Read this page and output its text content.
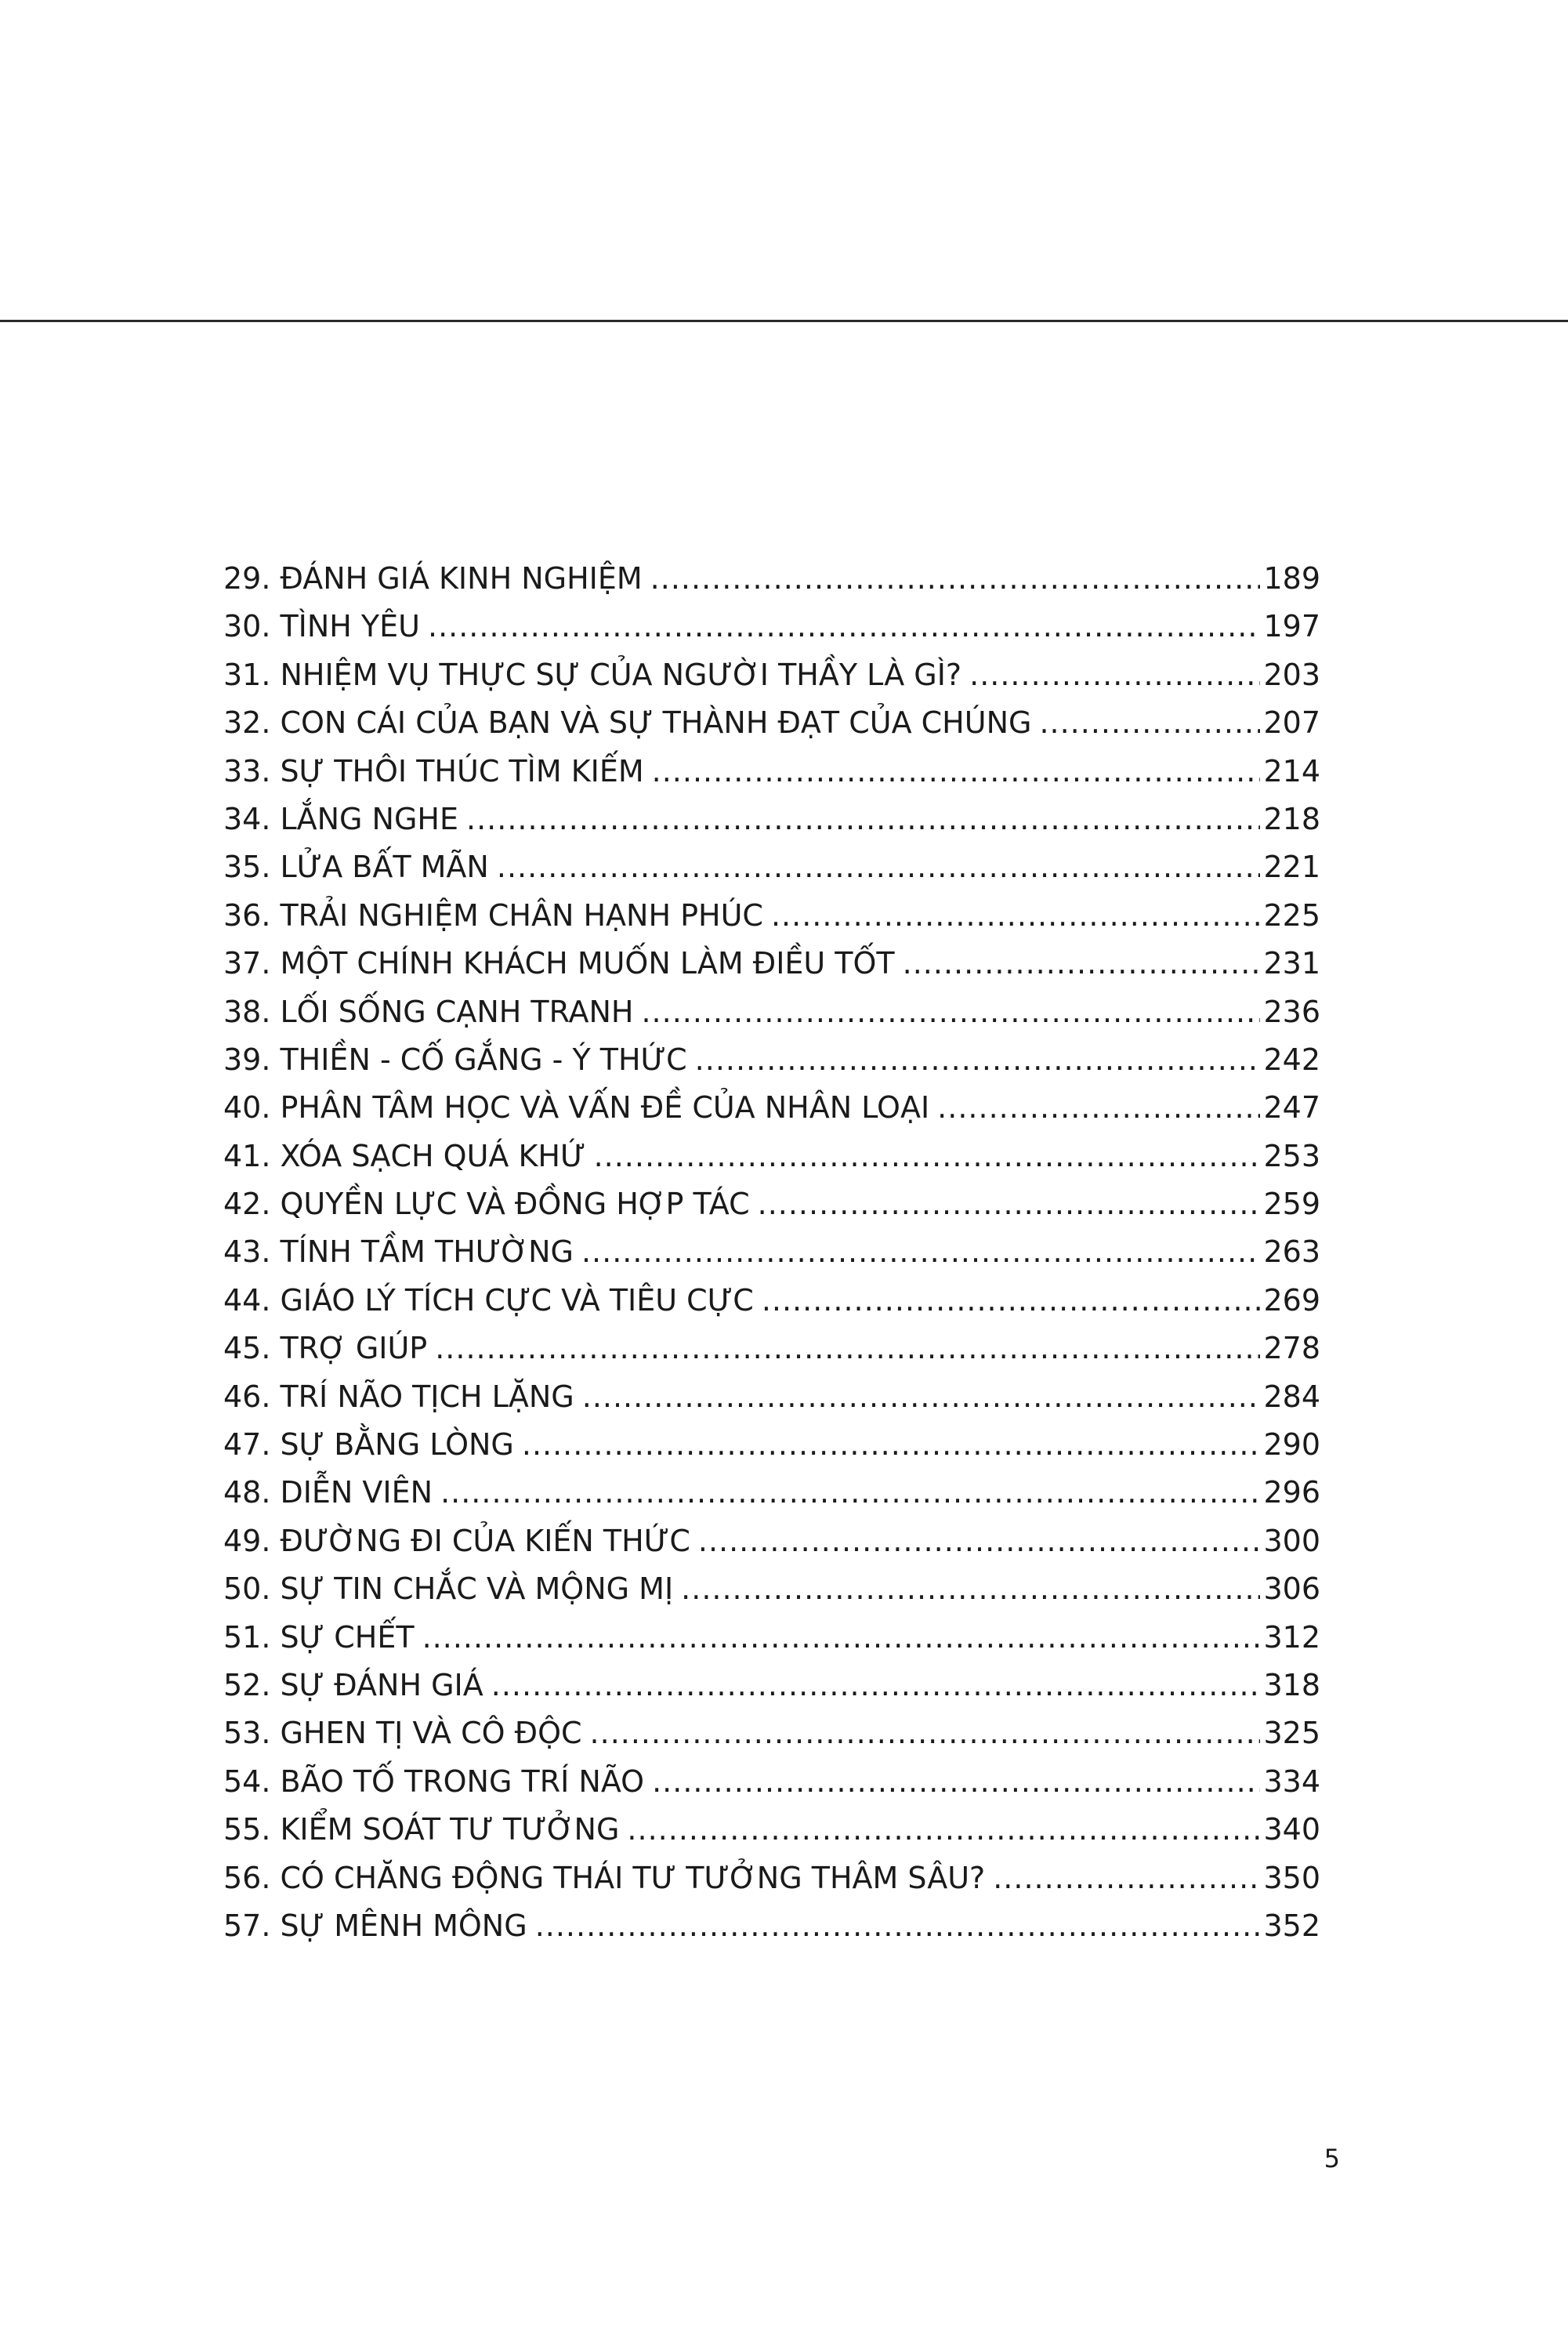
29. ĐÁNH GIÁ KINH NGHIỆM .....	189
30. TÌNH YÊU .....	197
31. NHIỆM VỤ THỰC SỰ CỦA NGƯỜI THẦY LÀ GÌ? .....	203
32. CON CÁI CỦA BẠN VÀ SỰ THÀNH ĐẠT CỦA CHÚNG .....	207
33. SỰ THÔI THÚC TÌM KIẾM .....	214
34. LẮNG NGHE .....	218
35. LỬA BẤT MÃN .....	221
36. TRẢI NGHIỆM CHÂN HẠNH PHÚC .....	225
37. MỘT CHÍNH KHÁCH MUỐN LÀM ĐIỀU TỐT .....	231
38. LỐI SỐNG CẠNH TRANH .....	236
39. THIỀN - CỐ GẮNG - Ý THỨC .....	242
40. PHÂN TÂM HỌC VÀ VẤN ĐỀ CỦA NHÂN LOẠI .....	247
41. XÓA SẠCH QUÁ KHỨ .....	253
42. QUYỀN LỰC VÀ ĐỒNG HỢP TÁC .....	259
43. TÍNH TẦM THƯỜNG .....	263
44. GIÁO LÝ TÍCH CỰC VÀ TIÊU CỰC .....	269
45. TRỢ GIÚP .....	278
46. TRÍ NÃO TỊCH LẶNG .....	284
47. SỰ BẰNG LÒNG .....	290
48. DIỄN VIÊN .....	296
49. ĐƯỜNG ĐI CỦA KIẾN THỨC .....	300
50. SỰ TIN CHẮC VÀ MỘNG MỊ .....	306
51. SỰ CHẾT .....	312
52. SỰ ĐÁNH GIÁ .....	318
53. GHEN TỊ VÀ CÔ ĐỘC .....	325
54. BÃO TỐ TRONG TRÍ NÃO .....	334
55. KIỂM SOÁT TƯ TƯỞNG .....	340
56. CÓ CHĂNG ĐỘNG THÁI TƯ TƯỞNG THÂM SÂU? .....	350
57. SỰ MÊNH MÔNG .....	352
5
